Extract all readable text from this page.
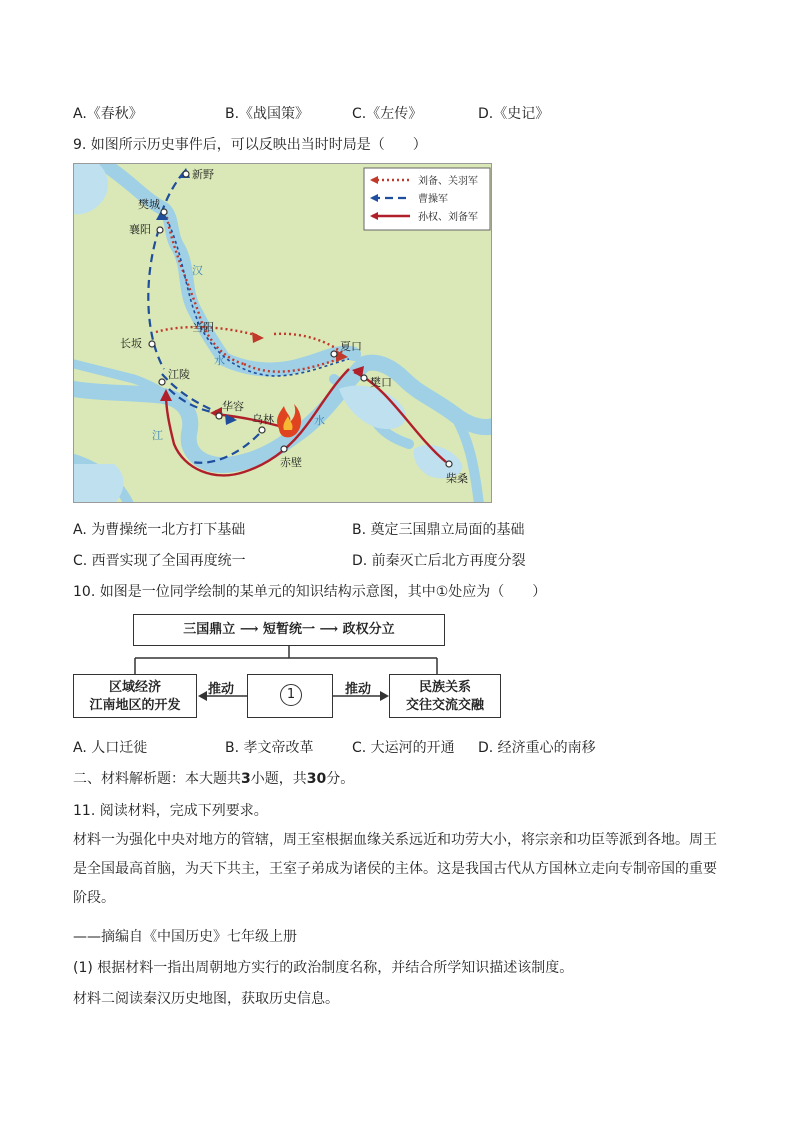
A.《春秋》	B.《战国策》	C.《左传》	D.《史记》
9. 如图所示历史事件后，可以反映出当时时局是（　　）
新野
樊城
襄阳
长坂
当阳
江陵
华容
乌林
赤壁
夏口
樊口
柴桑
汉
水
江
水
刘备、关羽军
曹操军
孙权、刘备军
A. 为曹操统一北方打下基础	B. 奠定三国鼎立局面的基础
C. 西晋实现了全国再度统一	D. 前秦灭亡后北方再度分裂
10. 如图是一位同学绘制的某单元的知识结构示意图，其中①处应为（　　）
三国鼎立 ⟶ 短暂统一 ⟶ 政权分立
区域经济
江南地区的开发
推动	1	推动	民族关系
交往交流交融
A. 人口迁徙	B. 孝文帝改革	C. 大运河的开通 D. 经济重心的南移
二、材料解析题：本大题共3小题，共30分。
11. 阅读材料，完成下列要求。
材料一为强化中央对地方的管辖，周王室根据血缘关系远近和功劳大小，将宗亲和功臣等派到各地。周王是全国最高首脑，为天下共主，王室子弟成为诸侯的主体。这是我国古代从方国林立走向专制帝国的重要阶段。
——摘编自《中国历史》七年级上册
(1) 根据材料一指出周朝地方实行的政治制度名称，并结合所学知识描述该制度。
材料二阅读秦汉历史地图，获取历史信息。
